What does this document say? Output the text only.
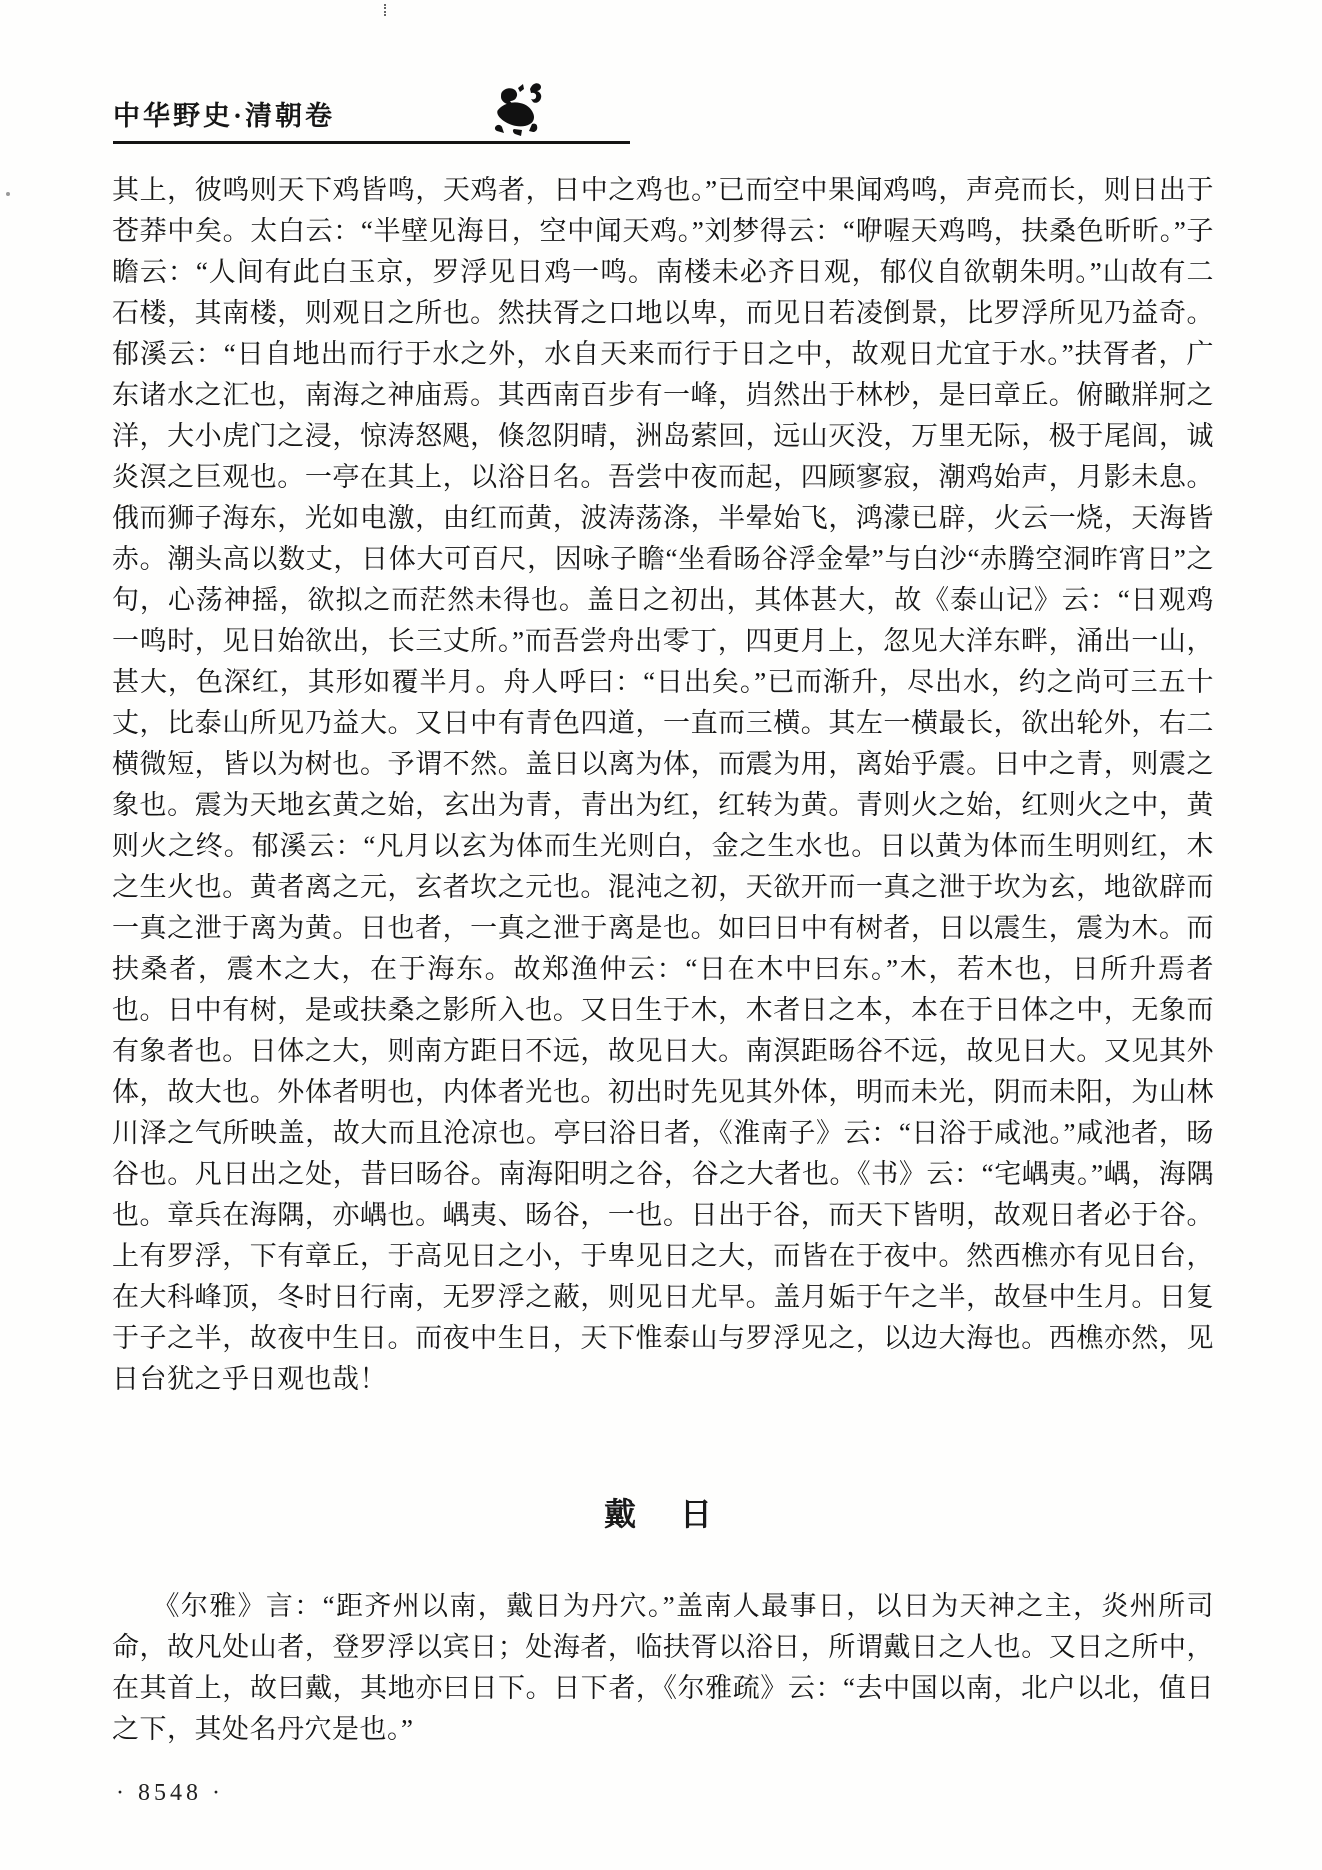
中华野史·清朝卷
其上，彼鸣则天下鸡皆鸣，天鸡者，日中之鸡也。”已而空中果闻鸡鸣，声亮而长，则日出于苍莽中矣。太白云：“半壁见海日，空中闻天鸡。”刘梦得云：“咿喔天鸡鸣，扶桑色昕昕。”子瞻云：“人间有此白玉京，罗浮见日鸡一鸣。南楼未必齐日观，郁仪自欲朝朱明。”山故有二石楼，其南楼，则观日之所也。然扶胥之口地以卑，而见日若凌倒景，比罗浮所见乃益奇。郁溪云：“日自地出而行于水之外，水自天来而行于日之中，故观日尤宜于水。”扶胥者，广东诸水之汇也，南海之神庙焉。其西南百步有一峰，岿然出于林杪，是曰章丘。俯瞰牂牁之洋，大小虎门之浸，惊涛怒飓，倏忽阴晴，洲岛萦回，远山灭没，万里无际，极于尾闾，诚炎溟之巨观也。一亭在其上，以浴日名。吾尝中夜而起，四顾寥寂，潮鸡始声，月影未息。俄而狮子海东，光如电激，由红而黄，波涛荡涤，半晕始飞，鸿濛已辟，火云一烧，天海皆赤。潮头高以数丈，日体大可百尺，因咏子瞻“坐看旸谷浮金晕”与白沙“赤腾空洞昨宵日”之句，心荡神摇，欲拟之而茫然未得也。盖日之初出，其体甚大，故《泰山记》云：“日观鸡一鸣时，见日始欲出，长三丈所。”而吾尝舟出零丁，四更月上，忽见大洋东畔，涌出一山，甚大，色深红，其形如覆半月。舟人呼曰：“日出矣。”已而渐升，尽出水，约之尚可三五十丈，比泰山所见乃益大。又日中有青色四道，一直而三横。其左一横最长，欲出轮外，右二横微短，皆以为树也。予谓不然。盖日以离为体，而震为用，离始乎震。日中之青，则震之象也。震为天地玄黄之始，玄出为青，青出为红，红转为黄。青则火之始，红则火之中，黄则火之终。郁溪云：“凡月以玄为体而生光则白，金之生水也。日以黄为体而生明则红，木之生火也。黄者离之元，玄者坎之元也。混沌之初，天欲开而一真之泄于坎为玄，地欲辟而一真之泄于离为黄。日也者，一真之泄于离是也。如曰日中有树者，日以震生，震为木。而扶桑者，震木之大，在于海东。故郑渔仲云：“日在木中曰东。”木，若木也，日所升焉者也。日中有树，是或扶桑之影所入也。又日生于木，木者日之本，本在于日体之中，无象而有象者也。日体之大，则南方距日不远，故见日大。南溟距旸谷不远，故见日大。又见其外体，故大也。外体者明也，内体者光也。初出时先见其外体，明而未光，阴而未阳，为山林川泽之气所映盖，故大而且沧凉也。亭曰浴日者，《淮南子》云：“日浴于咸池。”咸池者，旸谷也。凡日出之处，昔曰旸谷。南海阳明之谷，谷之大者也。《书》云：“宅嵎夷。”嵎，海隅也。章兵在海隅，亦嵎也。嵎夷、旸谷，一也。日出于谷，而天下皆明，故观日者必于谷。上有罗浮，下有章丘，于高见日之小，于卑见日之大，而皆在于夜中。然西樵亦有见日台，在大科峰顶，冬时日行南，无罗浮之蔽，则见日尤早。盖月姤于午之半，故昼中生月。日复于子之半，故夜中生日。而夜中生日，天下惟泰山与罗浮见之，以边大海也。西樵亦然，见日台犹之乎日观也哉！
戴　日
《尔雅》言：“距齐州以南，戴日为丹穴。”盖南人最事日，以日为天神之主，炎州所司命，故凡处山者，登罗浮以宾日；处海者，临扶胥以浴日，所谓戴日之人也。又日之所中，在其首上，故曰戴，其地亦曰日下。日下者，《尔雅疏》云：“去中国以南，北户以北，值日之下，其处名丹穴是也。”
· 8548 ·
